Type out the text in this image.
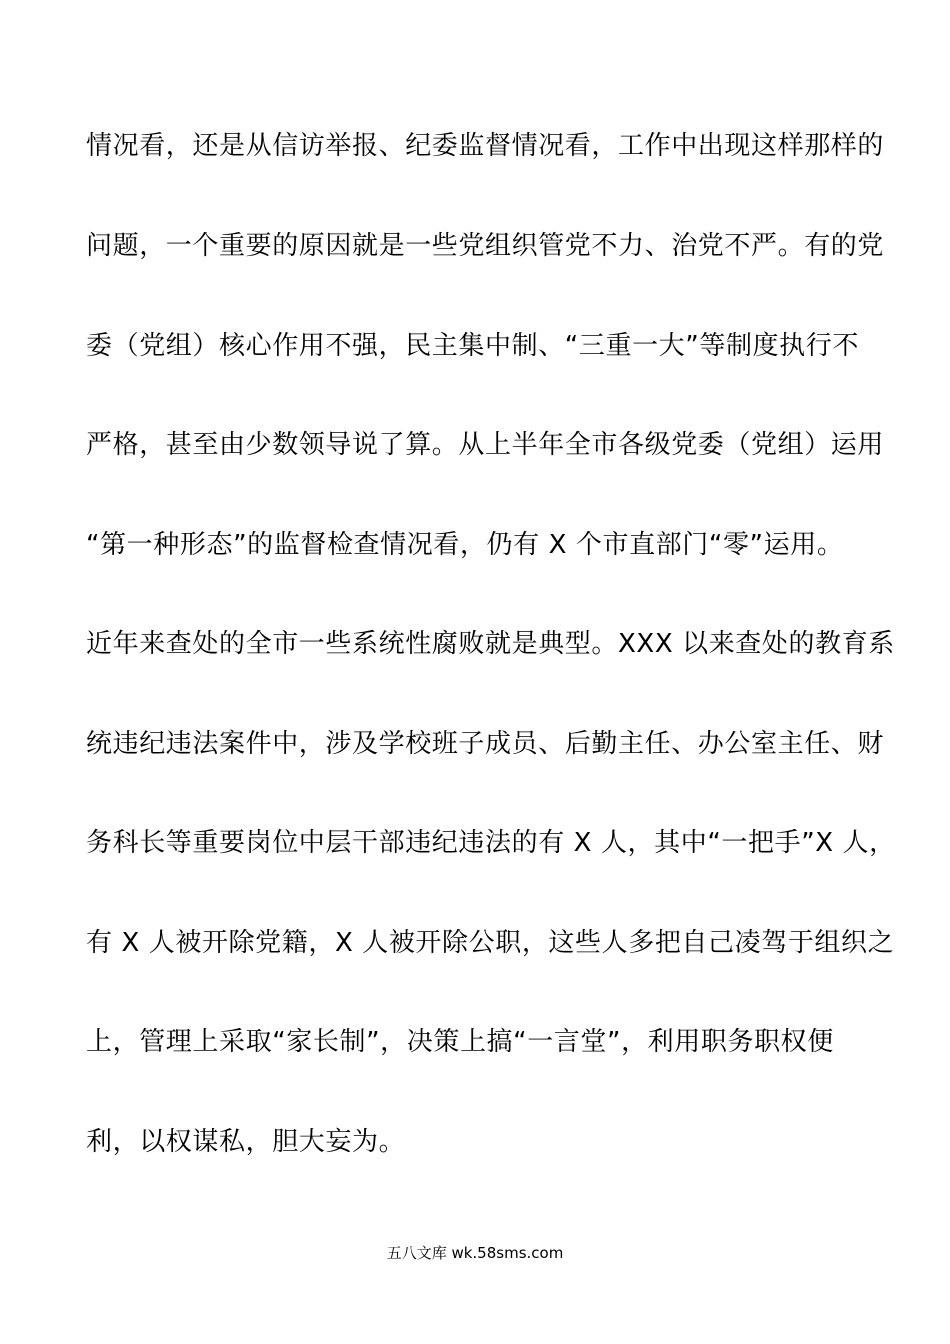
情况看，还是从信访举报、纪委监督情况看，工作中出现这样那样的
问题，一个重要的原因就是一些党组织管党不力、治党不严。有的党
委（党组）核心作用不强，民主集中制、“三重一大”等制度执行不
严格，甚至由少数领导说了算。从上半年全市各级党委（党组）运用
“第一种形态”的监督检查情况看，仍有 X 个市直部门“零”运用。
近年来查处的全市一些系统性腐败就是典型。XXX 以来查处的教育系
统违纪违法案件中，涉及学校班子成员、后勤主任、办公室主任、财
务科长等重要岗位中层干部违纪违法的有 X 人，其中“一把手”X 人，
有 X 人被开除党籍，X 人被开除公职，这些人多把自己凌驾于组织之
上，管理上采取“家长制”，决策上搞“一言堂”，利用职务职权便
利，以权谋私，胆大妄为。
五八文库 wk.58sms.com
